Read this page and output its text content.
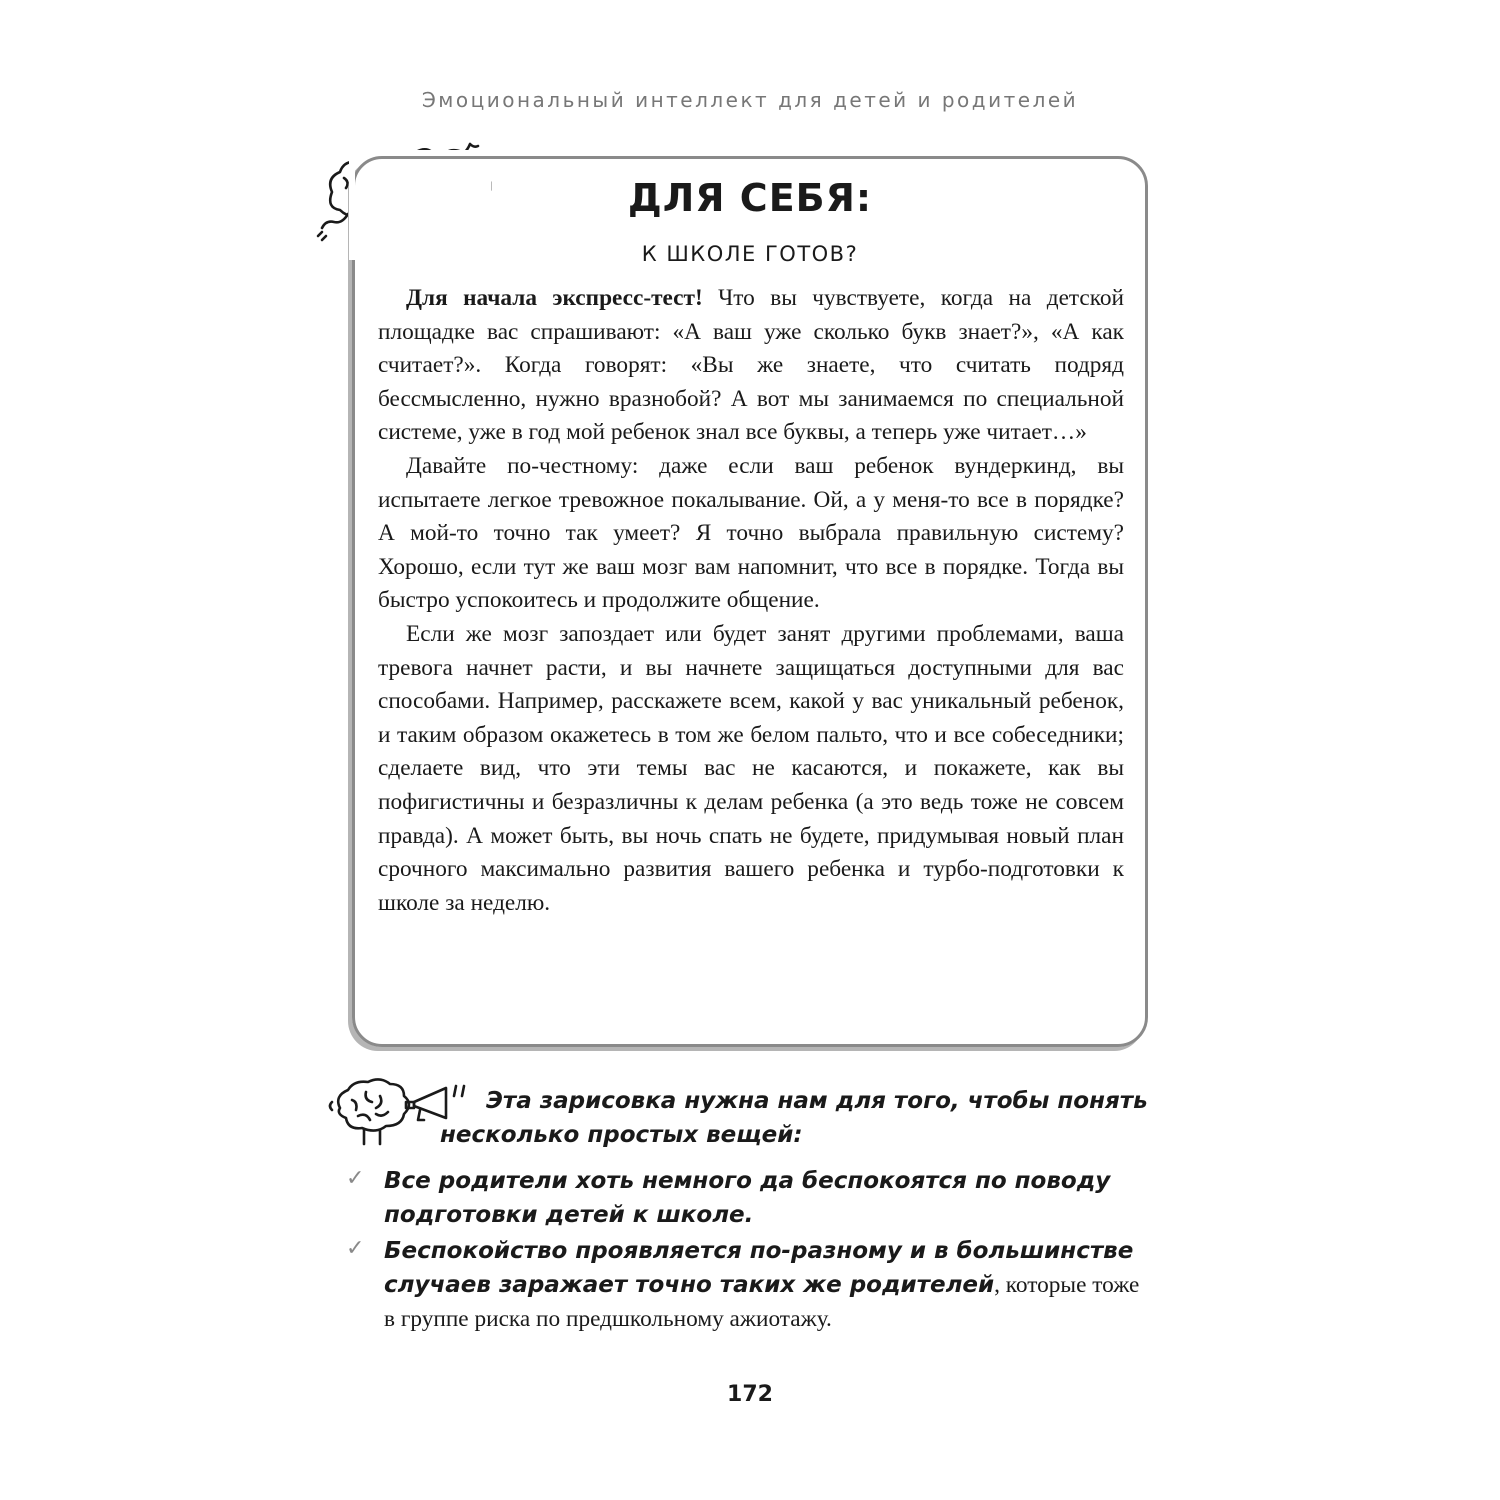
Эмоциональный интеллект для детей и родителей
ДЛЯ СЕБЯ:
К ШКОЛЕ ГОТОВ?

Для начала экспресс-тест! Что вы чувствуете, когда на детской площадке вас спрашивают: «А ваш уже сколько букв знает?», «А как считает?». Когда говорят: «Вы же знаете, что считать подряд бессмысленно, нужно вразнобой? А вот мы занимаемся по специальной системе, уже в год мой ребенок знал все буквы, а теперь уже читает…»

Давайте по-честному: даже если ваш ребенок вундеркинд, вы испытаете легкое тревожное покалывание. Ой, а у меня-то все в порядке? А мой-то точно так умеет? Я точно выбрала правильную систему? Хорошо, если тут же ваш мозг вам напомнит, что все в порядке. Тогда вы быстро успокоитесь и продолжите общение.

Если же мозг запоздает или будет занят другими проблемами, ваша тревога начнет расти, и вы начнете защищаться доступными для вас способами. Например, расскажете всем, какой у вас уникальный ребенок, и таким образом окажетесь в том же белом пальто, что и все собеседники; сделаете вид, что эти темы вас не касаются, и покажете, как вы пофигистичны и безразличны к делам ребенка (а это ведь тоже не совсем правда). А может быть, вы ночь спать не будете, придумывая новый план срочного максимально развития вашего ребенка и турбо-подготовки к школе за неделю.

Эта зарисовка нужна нам для того, чтобы понять несколько простых вещей:
✓ Все родители хоть немного да беспокоятся по поводу подготовки детей к школе.
✓ Беспокойство проявляется по-разному и в большинстве случаев заражает точно таких же родителей, которые тоже в группе риска по предшкольному ажиотажу.
172
